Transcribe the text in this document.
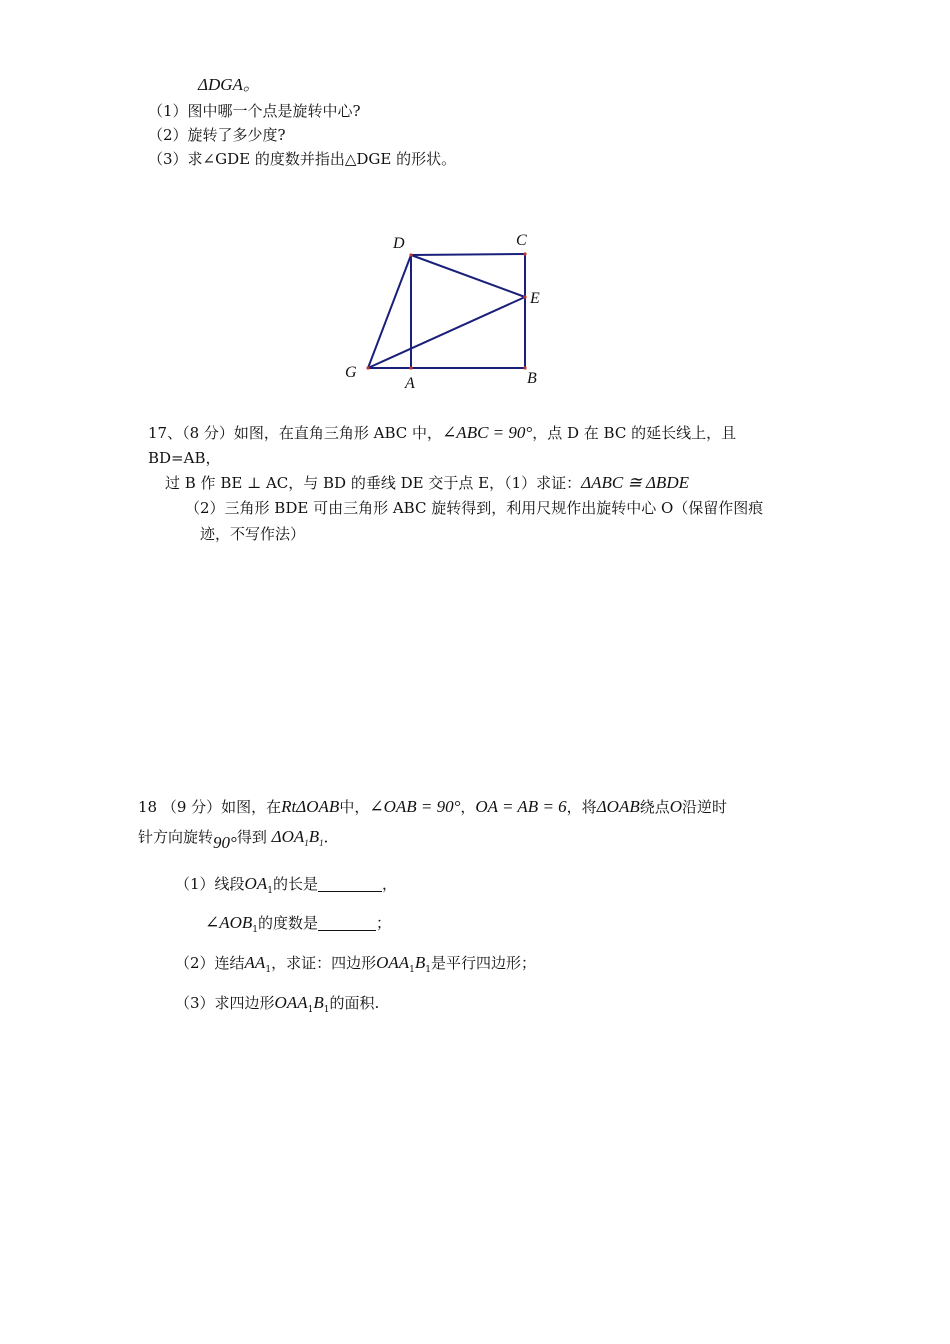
ΔDGA。
（1）图中哪一个点是旋转中心?
（2）旋转了多少度?
（3）求∠GDE 的度数并指出△DGE 的形状。
D	C
E
G
A	B
17、（8 分）如图，在直角三角形 ABC 中，∠ABC = 90°，点 D 在 BC 的延长线上，且
BD=AB，
过 B 作 BE ⊥ AC，与 BD 的垂线 DE 交于点 E，（1）求证：ΔABC ≅ ΔBDE
（2）三角形 BDE 可由三角形 ABC 旋转得到，利用尺规作出旋转中心 O（保留作图痕
迹，不写作法）
18 （9 分）如图，在RtΔOAB中，∠OAB = 90°，OA = AB = 6，将ΔOAB绕点O沿逆时
针方向旋转90°得到 $\Delta OA_1B_1$．
（1）线段$OA_1$的长是	，
$\angle AOB_1$的度数是	；
（2）连结$AA_1$，求证：四边形$OAA_1B_1$是平行四边形；
（3）求四边形$OAA_1B_1$的面积.
